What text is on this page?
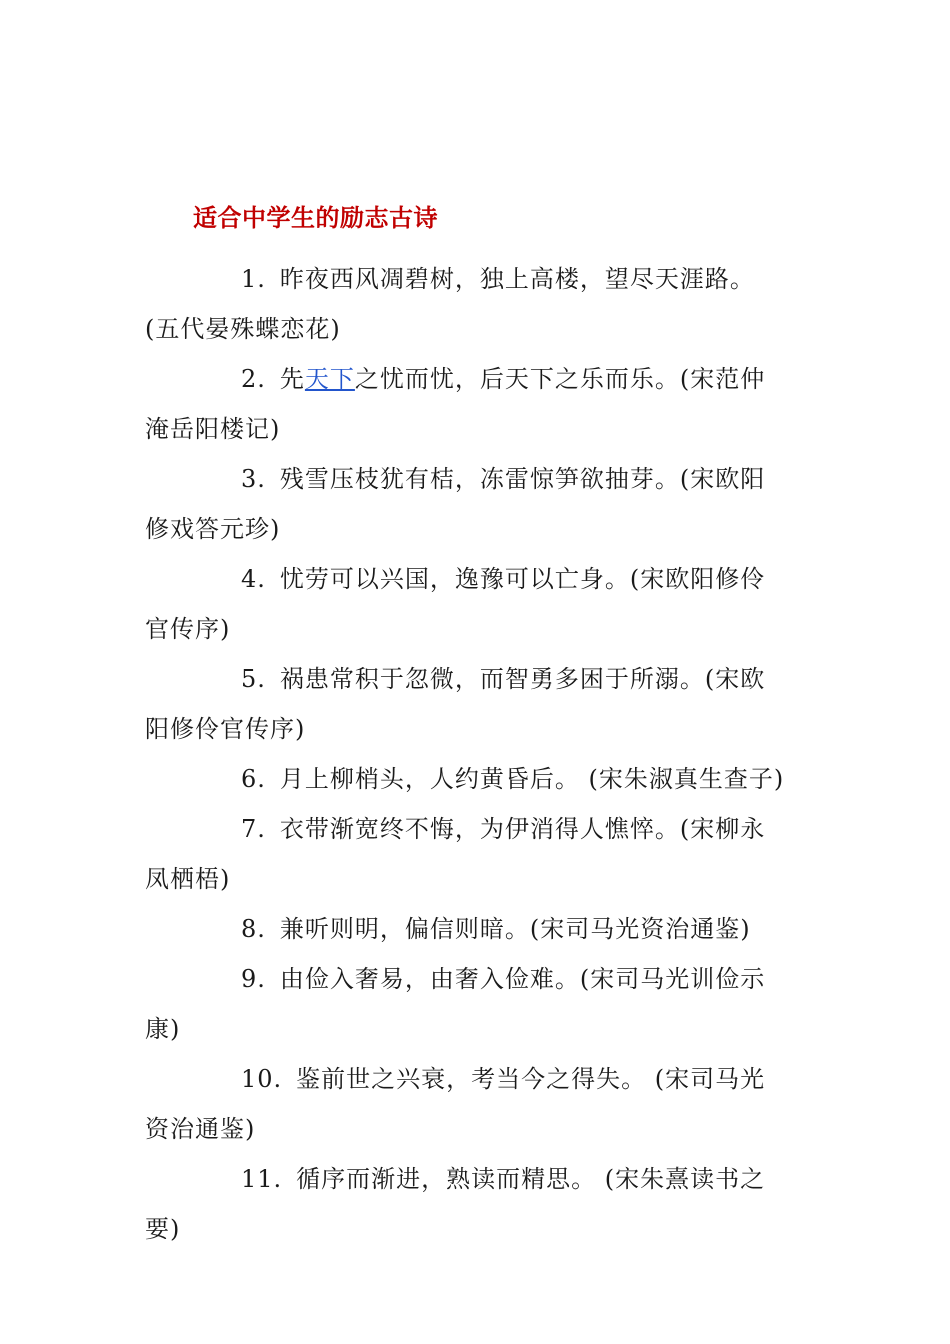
适合中学生的励志古诗

1. 昨夜西风凋碧树，独上高楼，望尽天涯路。(五代晏殊蝶恋花)

2. 先天下之忧而忧，后天下之乐而乐。(宋范仲淹岳阳楼记)

3. 残雪压枝犹有桔，冻雷惊笋欲抽芽。(宋欧阳修戏答元珍)

4. 忧劳可以兴国，逸豫可以亡身。(宋欧阳修伶官传序)

5. 祸患常积于忽微，而智勇多困于所溺。(宋欧阳修伶官传序)

6. 月上柳梢头，人约黄昏后。 (宋朱淑真生查子)

7. 衣带渐宽终不悔，为伊消得人憔悴。(宋柳永凤栖梧)

8. 兼听则明，偏信则暗。(宋司马光资治通鉴)

9. 由俭入奢易，由奢入俭难。(宋司马光训俭示康)

10. 鉴前世之兴衰，考当今之得失。 (宋司马光资治通鉴)

11. 循序而渐进，熟读而精思。 (宋朱熹读书之要)
